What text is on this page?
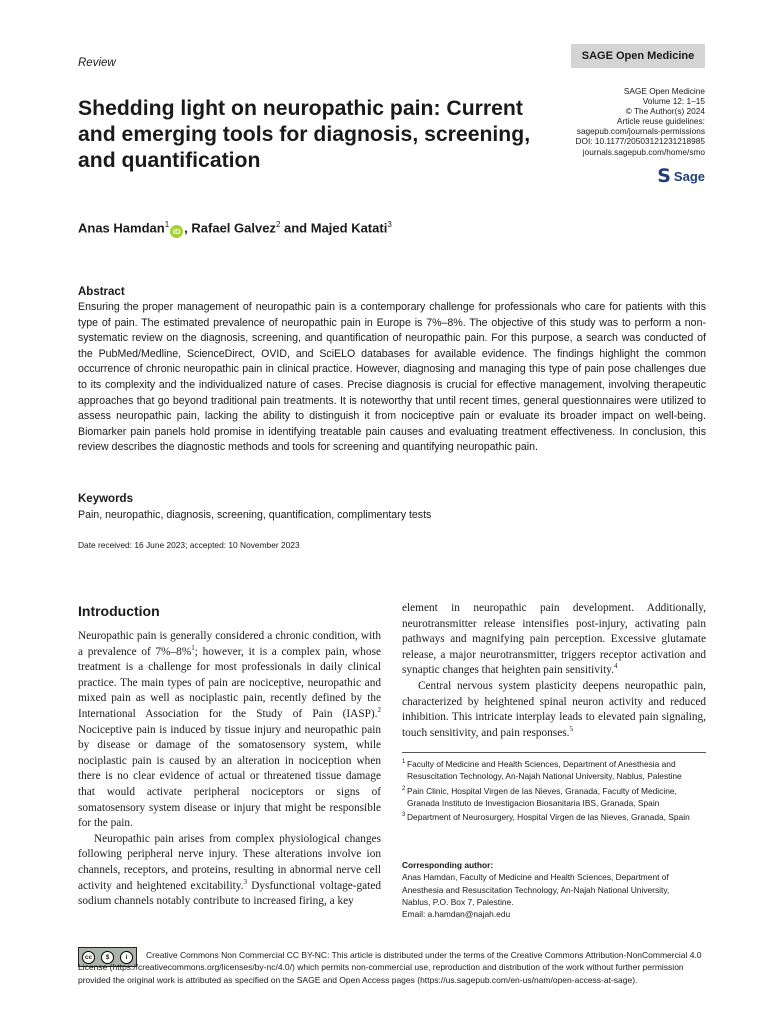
Review
SAGE Open Medicine
SAGE Open Medicine
Volume 12: 1–15
© The Author(s) 2024
Article reuse guidelines:
sagepub.com/journals-permissions
DOI: 10.1177/20503121231218985
journals.sagepub.com/home/smo
S Sage
Shedding light on neuropathic pain: Current and emerging tools for diagnosis, screening, and quantification
Anas Hamdan$^1$iD , Rafael Galvez$^2$ and Majed Katati$^3$
Abstract

Ensuring the proper management of neuropathic pain is a contemporary challenge for professionals who care for patients with this type of pain. The estimated prevalence of neuropathic pain in Europe is 7%–8%. The objective of this study was to perform a non-systematic review on the diagnosis, screening, and quantification of neuropathic pain. For this purpose, a search was conducted of the PubMed/Medline, ScienceDirect, OVID, and SciELO databases for available evidence. The findings highlight the common occurrence of chronic neuropathic pain in clinical practice. However, diagnosing and managing this type of pain pose challenges due to its complexity and the individualized nature of cases. Precise diagnosis is crucial for effective management, involving therapeutic approaches that go beyond traditional pain treatments. It is noteworthy that until recent times, general questionnaires were utilized to assess neuropathic pain, lacking the ability to distinguish it from nociceptive pain or evaluate its broader impact on well-being. Biomarker pain panels hold promise in identifying treatable pain causes and evaluating treatment effectiveness. In conclusion, this review describes the diagnostic methods and tools for screening and quantifying neuropathic pain.

Keywords
Pain, neuropathic, diagnosis, screening, quantification, complimentary tests
Date received: 16 June 2023; accepted: 10 November 2023
Introduction

Neuropathic pain is generally considered a chronic condition, with a prevalence of 7%–8%$^1$; however, it is a complex pain, whose treatment is a challenge for most professionals in daily clinical practice. The main types of pain are nociceptive, neuropathic and mixed pain as well as nociplastic pain, recently defined by the International Association for the Study of Pain (IASP).$^2$ Nociceptive pain is induced by tissue injury and neuropathic pain by disease or damage of the somatosensory system, while nociplastic pain is caused by an alteration in nociception when there is no clear evidence of actual or threatened tissue damage that would activate peripheral nociceptors or signs of somatosensory system disease or injury that might be responsible for the pain.

Neuropathic pain arises from complex physiological changes following peripheral nerve injury. These alterations involve ion channels, receptors, and proteins, resulting in abnormal nerve cell activity and heightened excitability.$^3$ Dysfunctional voltage-gated sodium channels notably contribute to increased firing, a key

element in neuropathic pain development. Additionally, neurotransmitter release intensifies post-injury, activating pain pathways and magnifying pain perception. Excessive glutamate release, a major neurotransmitter, triggers receptor activation and synaptic changes that heighten pain sensitivity.$^4$

Central nervous system plasticity deepens neuropathic pain, characterized by heightened spinal neuron activity and reduced inhibition. This intricate interplay leads to elevated pain signaling, touch sensitivity, and pain responses.$^5$

1 Faculty of Medicine and Health Sciences, Department of Anesthesia and Resuscitation Technology, An-Najah National University, Nablus, Palestine
2 Pain Clinic, Hospital Virgen de las Nieves, Granada, Faculty of Medicine, Granada Instituto de Investigacion Biosanitaria IBS, Granada, Spain
3 Department of Neurosurgery, Hospital Virgen de las Nieves, Granada, Spain
Corresponding author:
Anas Hamdan, Faculty of Medicine and Health Sciences, Department of
Anesthesia and Resuscitation Technology, An-Najah National University,
Nablus, P.O. Box 7, Palestine.
Email: a.hamdan@najah.edu
cc	$	i	Creative Commons Non Commercial CC BY-NC: This article is distributed under the terms of the Creative Commons Attribution-NonCommercial 4.0 License (https://creativecommons.org/licenses/by-nc/4.0/) which permits non-commercial use, reproduction and distribution of the work without further permission provided the original work is attributed as specified on the SAGE and Open Access pages (https://us.sagepub.com/en-us/nam/open-access-at-sage).
